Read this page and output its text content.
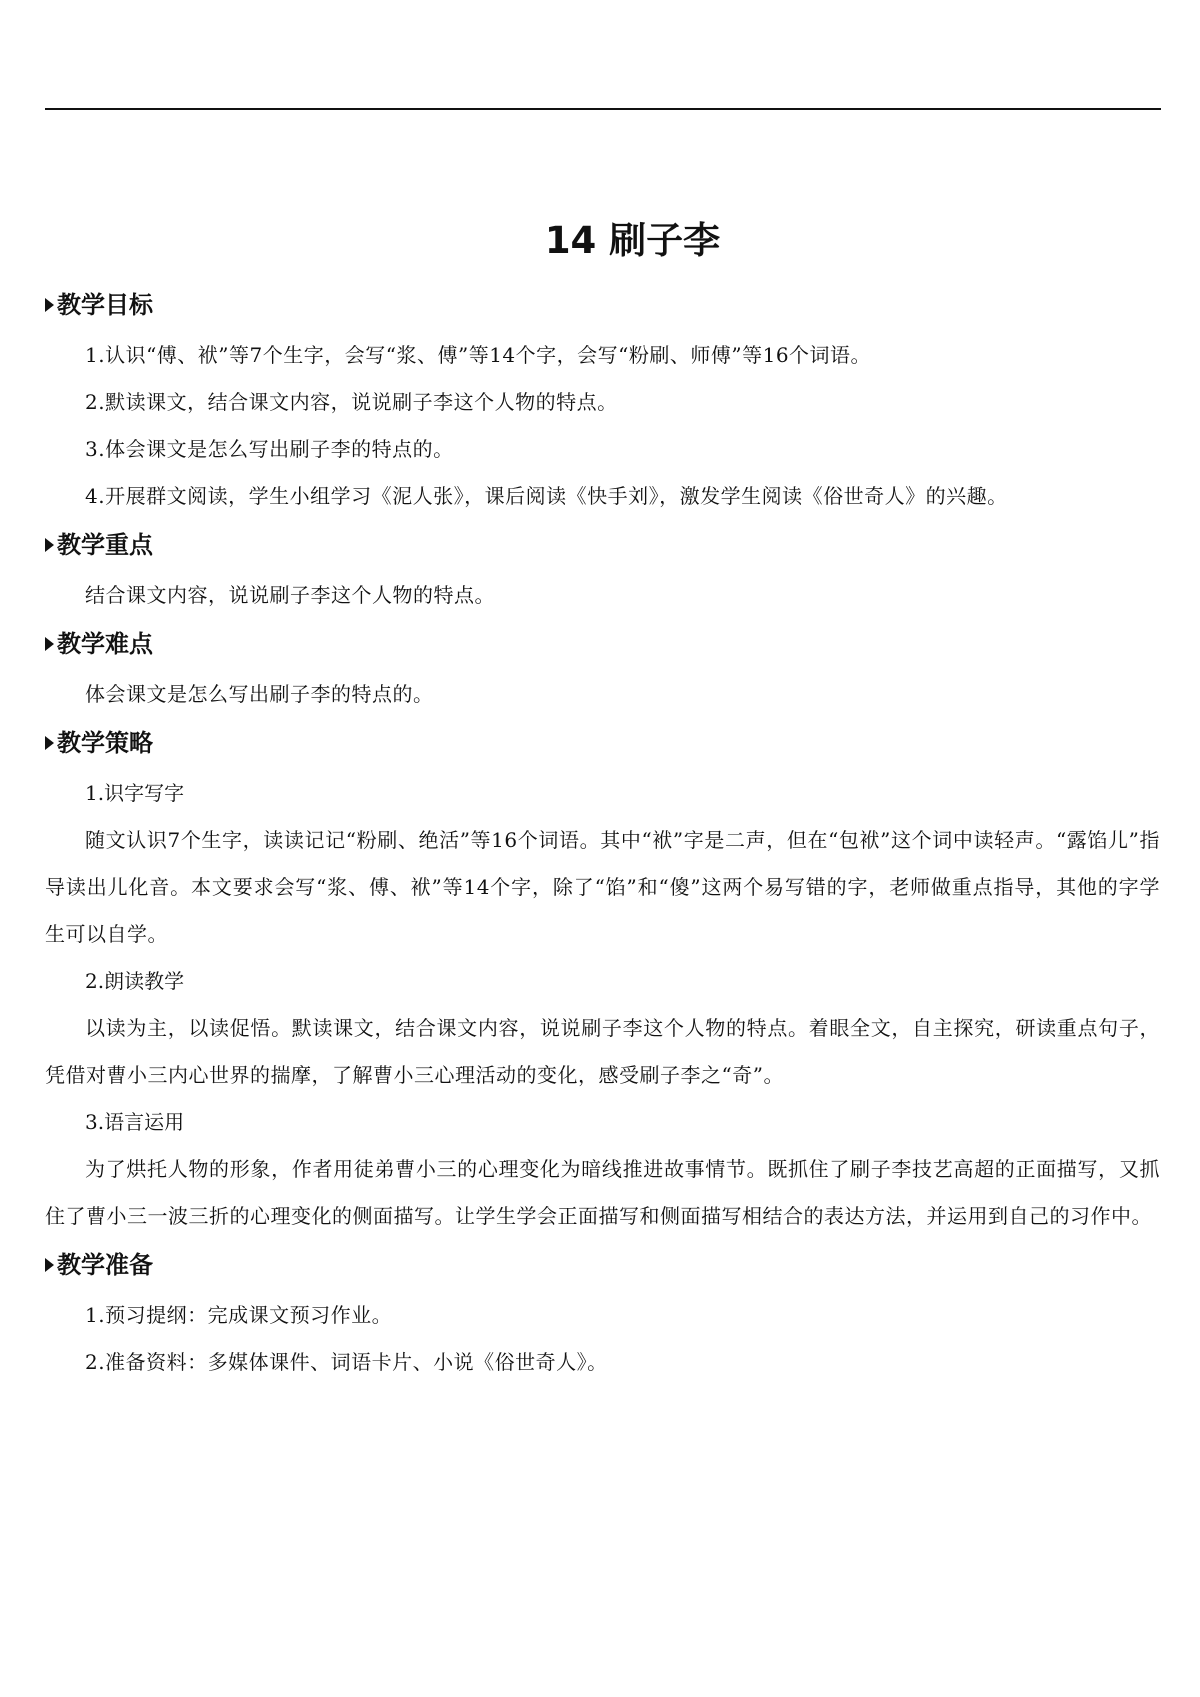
14 刷子李
教学目标

1.认识“傅、袱”等7个生字，会写“浆、傅”等14个字，会写“粉刷、师傅”等16个词语。

2.默读课文，结合课文内容，说说刷子李这个人物的特点。

3.体会课文是怎么写出刷子李的特点的。

4.开展群文阅读，学生小组学习《泥人张》，课后阅读《快手刘》，激发学生阅读《俗世奇人》的兴趣。

教学重点

结合课文内容，说说刷子李这个人物的特点。

教学难点

体会课文是怎么写出刷子李的特点的。

教学策略

1.识字写字

随文认识7个生字，读读记记“粉刷、绝活”等16个词语。其中“袱”字是二声，但在“包袱”这个词中读轻声。“露馅儿”指导读出儿化音。本文要求会写“浆、傅、袱”等14个字，除了“馅”和“傻”这两个易写错的字，老师做重点指导，其他的字学生可以自学。

2.朗读教学

以读为主，以读促悟。默读课文，结合课文内容，说说刷子李这个人物的特点。着眼全文，自主探究，研读重点句子，凭借对曹小三内心世界的揣摩，了解曹小三心理活动的变化，感受刷子李之“奇”。

3.语言运用

为了烘托人物的形象，作者用徒弟曹小三的心理变化为暗线推进故事情节。既抓住了刷子李技艺高超的正面描写，又抓住了曹小三一波三折的心理变化的侧面描写。让学生学会正面描写和侧面描写相结合的表达方法，并运用到自己的习作中。

教学准备

1.预习提纲：完成课文预习作业。

2.准备资料：多媒体课件、词语卡片、小说《俗世奇人》。
